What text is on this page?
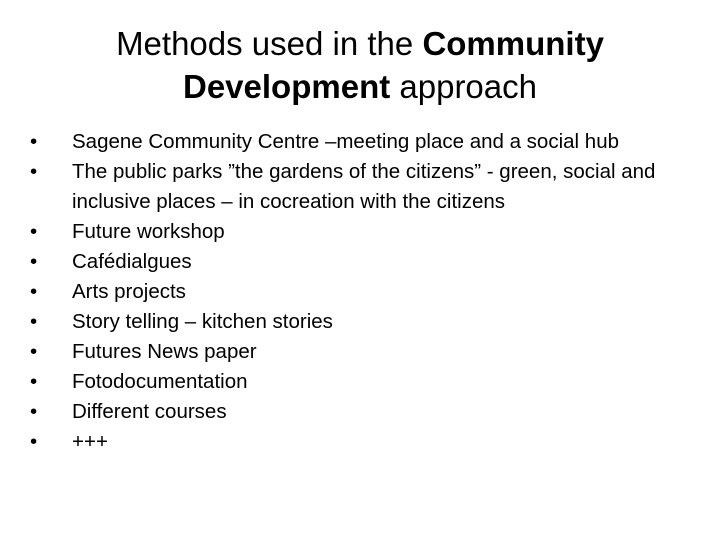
Methods used in the Community
Development approach
•	Sagene Community Centre –meeting place and a social hub
•	The public parks ”the gardens of the citizens” - green, social and inclusive places – in cocreation with the citizens
•	Future workshop
•	Cafédialgues
•	Arts projects
•	Story telling – kitchen stories
•	Futures News paper
•	Fotodocumentation
•	Different courses
•	+++
